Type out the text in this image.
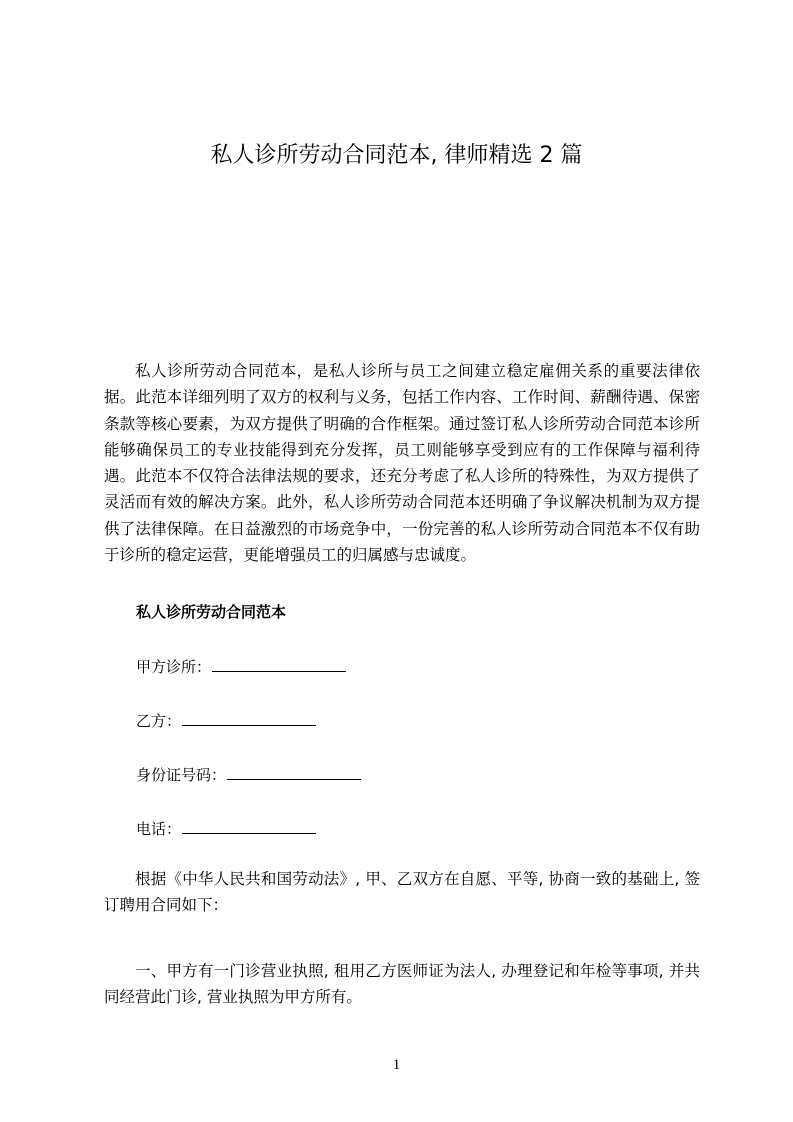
私人诊所劳动合同范本, 律师精选 2 篇

私人诊所劳动合同范本，是私人诊所与员工之间建立稳定雇佣关系的重要法律依据。此范本详细列明了双方的权利与义务，包括工作内容、工作时间、薪酬待遇、保密条款等核心要素，为双方提供了明确的合作框架。通过签订私人诊所劳动合同范本诊所能够确保员工的专业技能得到充分发挥，员工则能够享受到应有的工作保障与福利待遇。此范本不仅符合法律法规的要求，还充分考虑了私人诊所的特殊性，为双方提供了灵活而有效的解决方案。此外，私人诊所劳动合同范本还明确了争议解决机制为双方提供了法律保障。在日益激烈的市场竞争中，一份完善的私人诊所劳动合同范本不仅有助于诊所的稳定运营，更能增强员工的归属感与忠诚度。

私人诊所劳动合同范本

甲方诊所：
乙方：
身份证号码：
电话：

根据《中华人民共和国劳动法》, 甲、乙双方在自愿、平等, 协商一致的基础上, 签订聘用合同如下：

一、甲方有一门诊营业执照, 租用乙方医师证为法人, 办理登记和年检等事项, 并共同经营此门诊, 营业执照为甲方所有。

1
